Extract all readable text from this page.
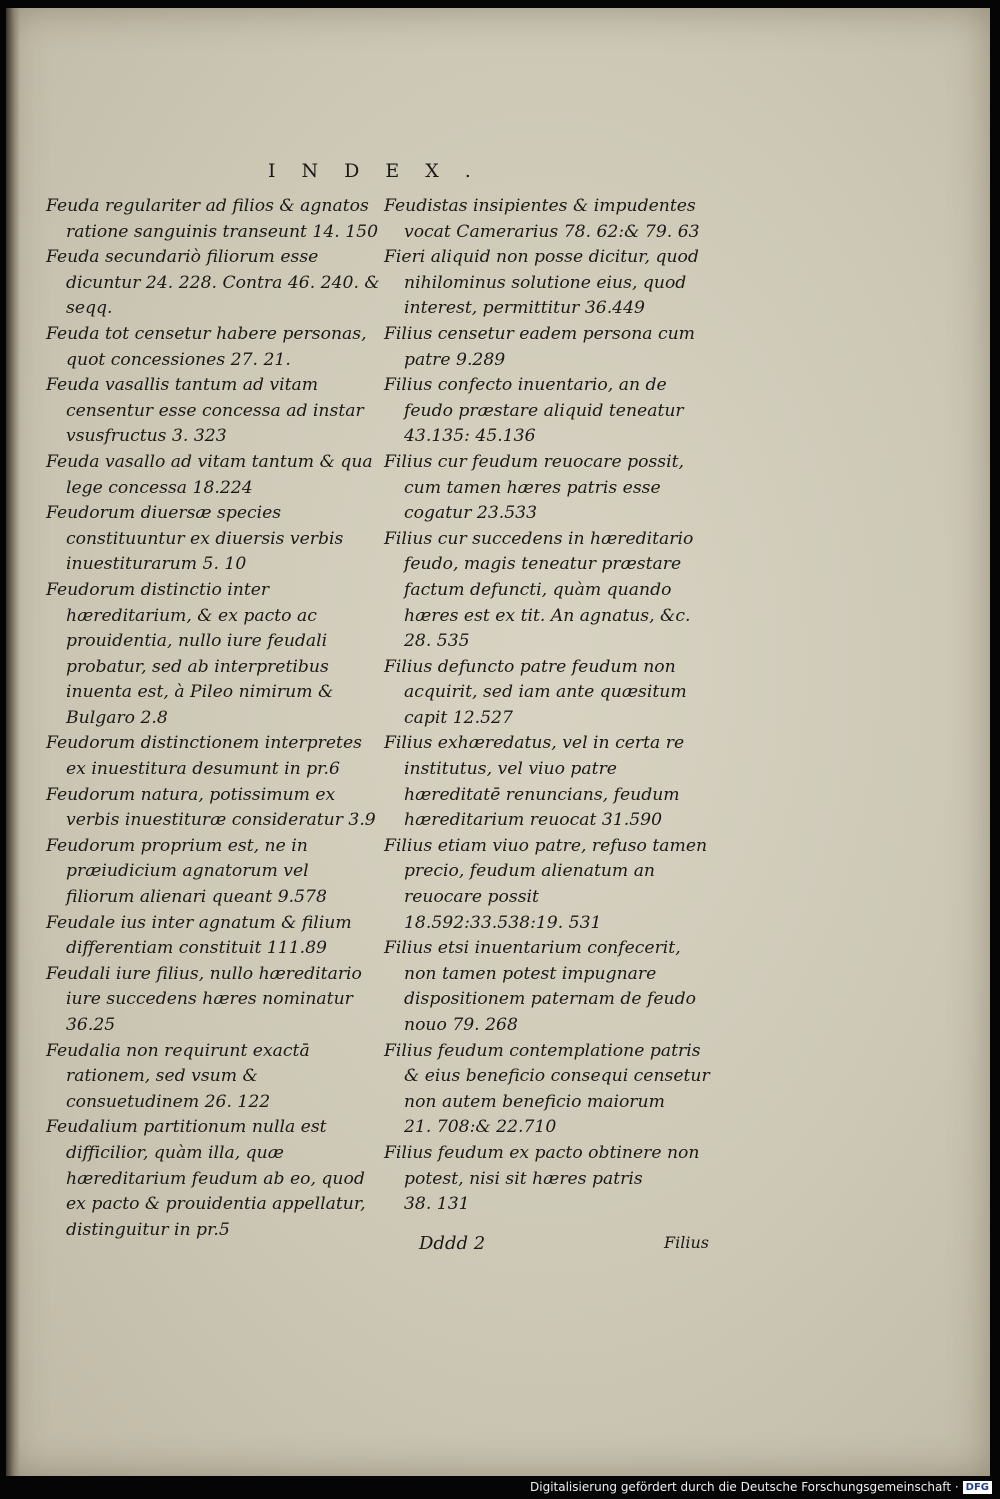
INDEX.

Feuda regulariter ad filios & agnatos ratione sanguinis transeunt 14. 150

Feuda secundariò filiorum esse dicuntur 24. 228. Contra 46. 240. & seqq.

Feuda tot censetur habere personas, quot concessiones 27. 21.

Feuda vasallis tantum ad vitam censentur esse concessa ad instar vsusfructus 3. 323

Feuda vasallo ad vitam tantum & qua lege concessa 18.224

Feudorum diuersæ species constituuntur ex diuersis verbis inuestiturarum 5. 10

Feudorum distinctio inter hæreditarium, & ex pacto ac prouidentia, nullo iure feudali probatur, sed ab interpretibus inuenta est, à Pileo nimirum & Bulgaro 2.8

Feudorum distinctionem interpretes ex inuestitura desumunt in pr.6

Feudorum natura, potissimum ex verbis inuestituræ consideratur 3.9

Feudorum proprium est, ne in præiudicium agnatorum vel filiorum alienari queant 9.578

Feudale ius inter agnatum & filium differentiam constituit 111.89

Feudali iure filius, nullo hæreditario iure succedens hæres nominatur 36.25

Feudalia non requirunt exactā rationem, sed vsum & consuetudinem 26. 122

Feudalium partitionum nulla est difficilior, quàm illa, quæ hæreditarium feudum ab eo, quod ex pacto & prouidentia appellatur, distinguitur in pr.5

Feudistas insipientes & impudentes vocat Camerarius 78. 62:& 79. 63

Fieri aliquid non posse dicitur, quod nihilominus solutione eius, quod interest, permittitur 36.449

Filius censetur eadem persona cum patre 9.289

Filius confecto inuentario, an de feudo præstare aliquid teneatur 43.135: 45.136

Filius cur feudum reuocare possit, cum tamen hæres patris esse cogatur 23.533

Filius cur succedens in hæreditario feudo, magis teneatur præstare factum defuncti, quàm quando hæres est ex tit. An agnatus, &c. 28. 535

Filius defuncto patre feudum non acquirit, sed iam ante quæsitum capit 12.527

Filius exhæredatus, vel in certa re institutus, vel viuo patre hæreditatē renuncians, feudum hæreditarium reuocat 31.590

Filius etiam viuo patre, refuso tamen precio, feudum alienatum an reuocare possit 18.592:33.538:19. 531

Filius etsi inuentarium confecerit, non tamen potest impugnare dispositionem paternam de feudo nouo 79. 268

Filius feudum contemplatione patris & eius beneficio consequi censetur non autem beneficio maiorum 21. 708:& 22.710

Filius feudum ex pacto obtinere non potest, nisi sit hæres patris 38. 131

Dddd 2	Filius
Digitalisierung gefördert durch die Deutsche Forschungsgemeinschaft · DFG
